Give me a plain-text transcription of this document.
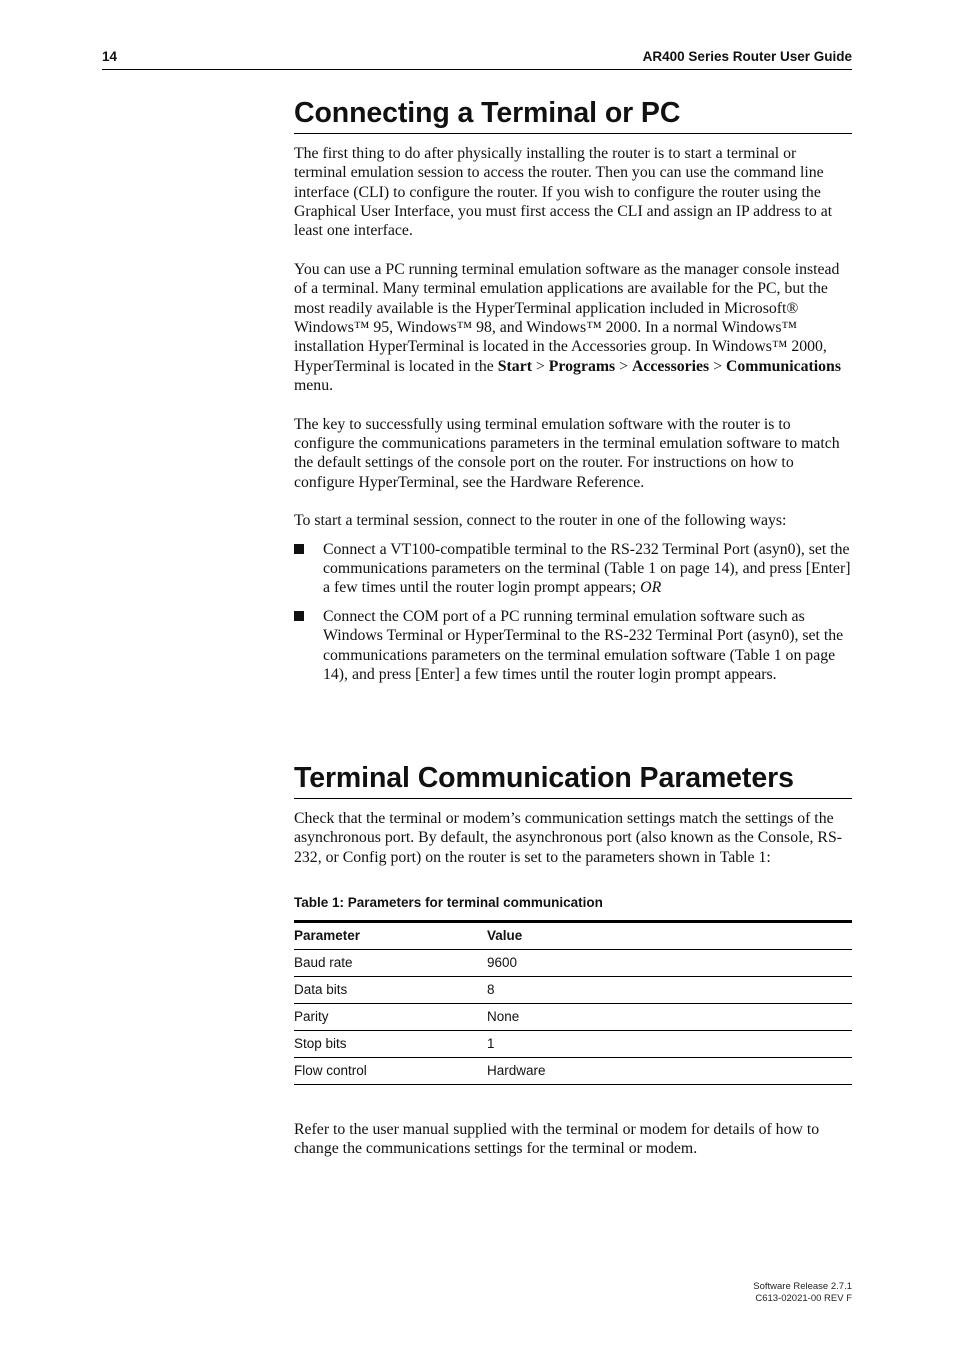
14	AR400 Series Router User Guide
Connecting a Terminal or PC

The first thing to do after physically installing the router is to start a terminal or terminal emulation session to access the router. Then you can use the command line interface (CLI) to configure the router. If you wish to configure the router using the Graphical User Interface, you must first access the CLI and assign an IP address to at least one interface.

You can use a PC running terminal emulation software as the manager console instead of a terminal. Many terminal emulation applications are available for the PC, but the most readily available is the HyperTerminal application included in Microsoft® Windows™ 95, Windows™ 98, and Windows™ 2000. In a normal Windows™ installation HyperTerminal is located in the Accessories group. In Windows™ 2000, HyperTerminal is located in the Start > Programs > Accessories > Communications menu.

The key to successfully using terminal emulation software with the router is to configure the communications parameters in the terminal emulation software to match the default settings of the console port on the router. For instructions on how to configure HyperTerminal, see the Hardware Reference.

To start a terminal session, connect to the router in one of the following ways:

Connect a VT100-compatible terminal to the RS-232 Terminal Port (asyn0), set the communications parameters on the terminal (Table 1 on page 14), and press [Enter] a few times until the router login prompt appears; OR
Connect the COM port of a PC running terminal emulation software such as Windows Terminal or HyperTerminal to the RS-232 Terminal Port (asyn0), set the communications parameters on the terminal emulation software (Table 1 on page 14), and press [Enter] a few times until the router login prompt appears.
Terminal Communication Parameters

Check that the terminal or modem’s communication settings match the settings of the asynchronous port. By default, the asynchronous port (also known as the Console, RS-232, or Config port) on the router is set to the parameters shown in Table 1:

Table 1: Parameters for terminal communication
Parameter	Value
Baud rate	9600
Data bits	8
Parity	None
Stop bits	1
Flow control	Hardware

Refer to the user manual supplied with the terminal or modem for details of how to change the communications settings for the terminal or modem.

Software Release 2.7.1
C613-02021-00 REV F
